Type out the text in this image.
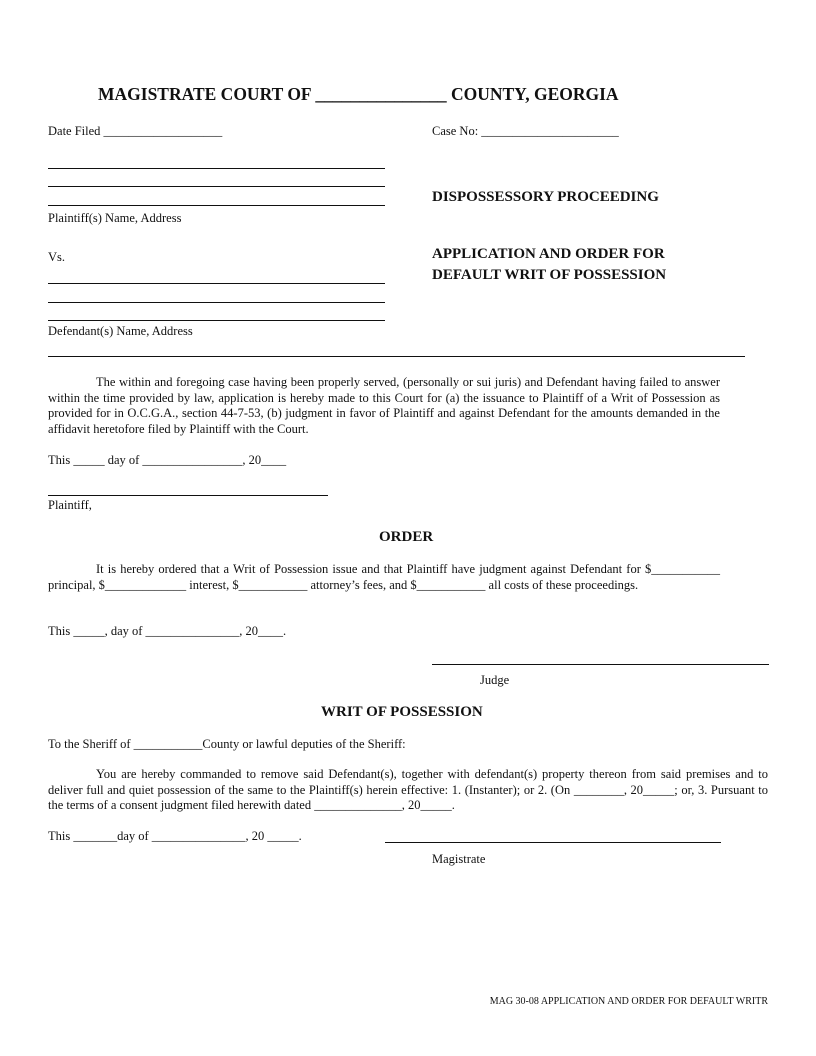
MAGISTRATE COURT OF _______________ COUNTY, GEORGIA
Date Filed ___________________	Case No: ______________________
Plaintiff(s) Name, Address
DISPOSSESSORY PROCEEDING
APPLICATION AND ORDER FOR
DEFAULT WRIT OF POSSESSION
Vs.
Defendant(s) Name, Address
The within and foregoing case having been properly served, (personally or sui juris) and Defendant having failed to answer within the time provided by law, application is hereby made to this Court for (a) the issuance to Plaintiff of a Writ of Possession as provided for in O.C.G.A., section 44-7-53, (b) judgment in favor of Plaintiff and against Defendant for the amounts demanded in the affidavit heretofore filed by Plaintiff with the Court.
This _____ day of ________________, 20____
Plaintiff,
ORDER
It is hereby ordered that a Writ of Possession issue and that Plaintiff have judgment against Defendant for $___________ principal, $_____________ interest, $___________ attorney’s fees, and $___________ all costs of these proceedings.
This _____, day of _______________, 20____.
Judge
WRIT OF POSSESSION
To the Sheriff of ___________County or lawful deputies of the Sheriff:
You are hereby commanded to remove said Defendant(s), together with defendant(s) property thereon from said premises and to deliver full and quiet possession of the same to the Plaintiff(s) herein effective: 1. (Instanter); or 2. (On ________, 20_____; or, 3. Pursuant to the terms of a consent judgment filed herewith dated ______________, 20_____.
This _______day of _______________, 20 _____.
Magistrate
MAG 30-08 APPLICATION AND ORDER FOR DEFAULT WRITR
